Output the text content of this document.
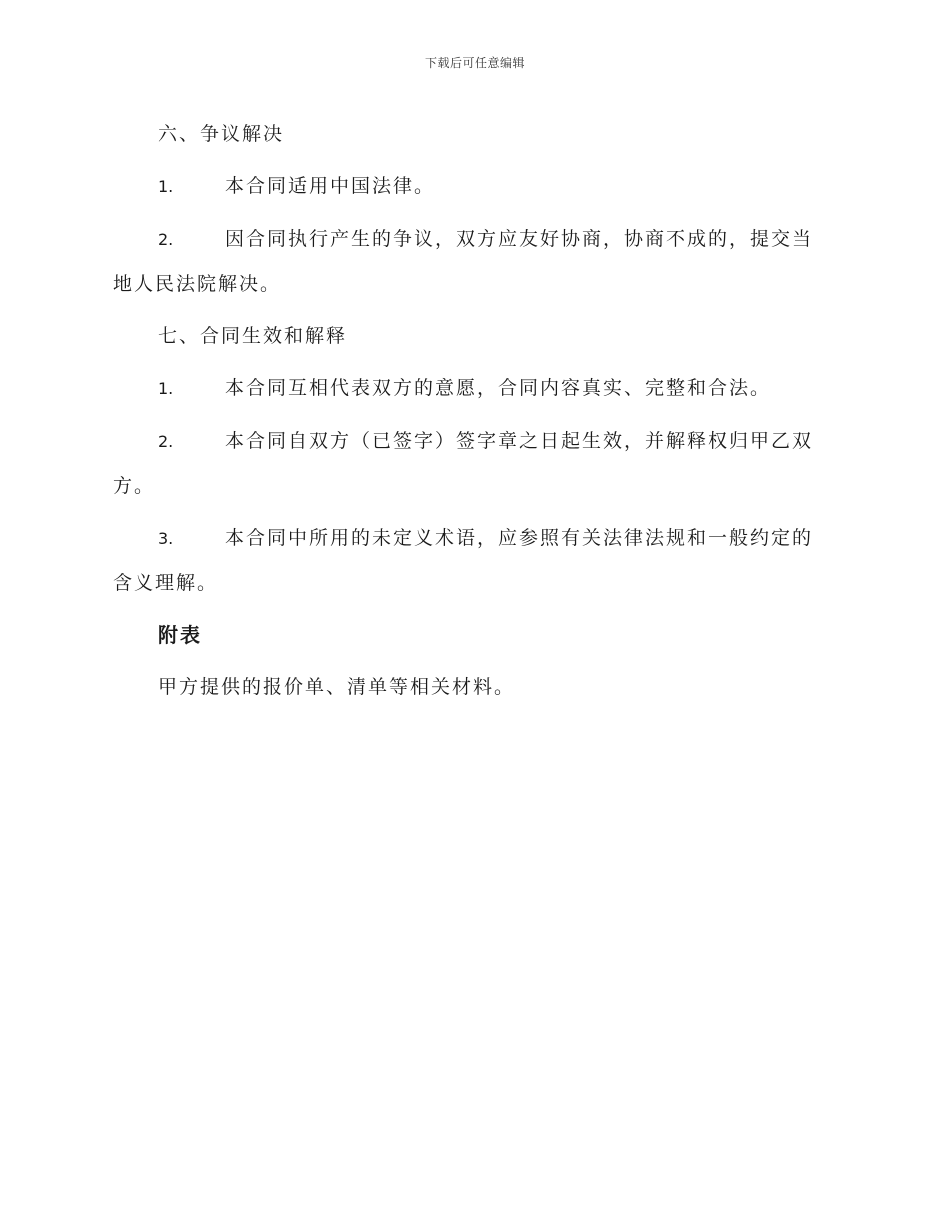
下载后可任意编辑
六、争议解决
1.	本合同适用中国法律。
2.	因合同执行产生的争议，双方应友好协商，协商不成的，提交当地人民法院解决。
七、合同生效和解释
1.	本合同互相代表双方的意愿，合同内容真实、完整和合法。
2.	本合同自双方（已签字）签字章之日起生效，并解释权归甲乙双方。
3.	本合同中所用的未定义术语，应参照有关法律法规和一般约定的含义理解。
附表
甲方提供的报价单、清单等相关材料。
